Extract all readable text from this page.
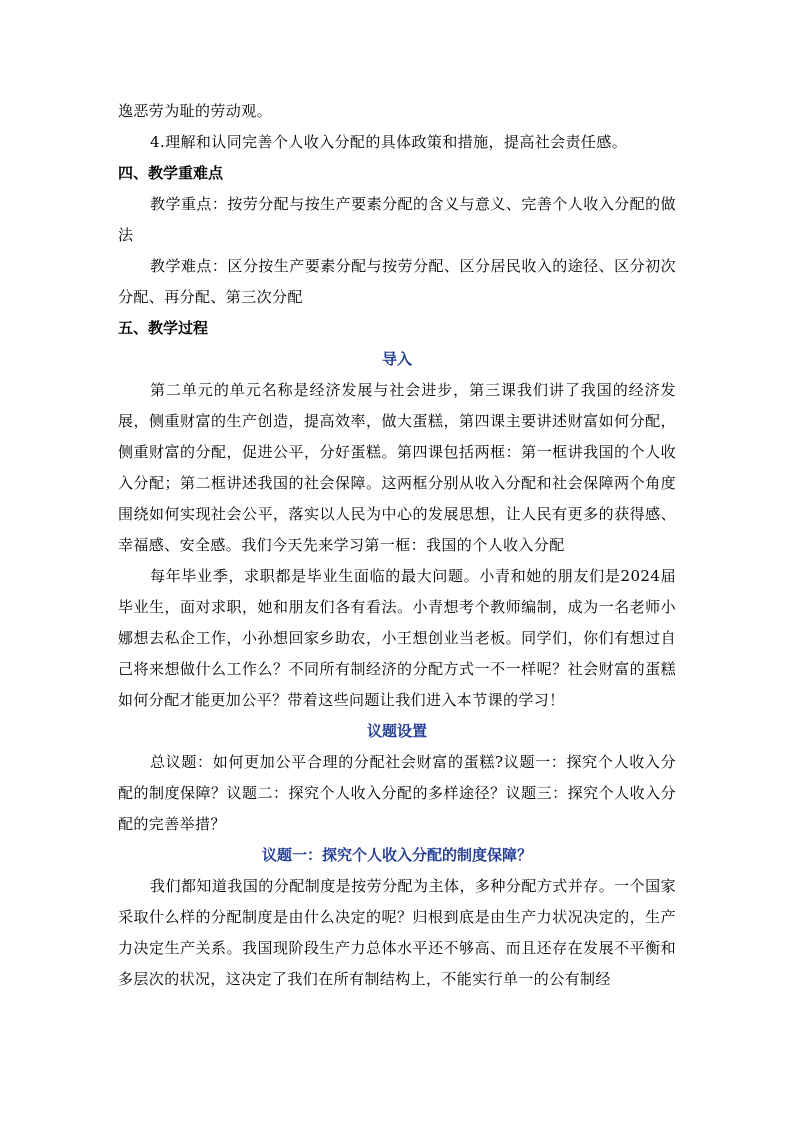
逸恶劳为耻的劳动观。

4.理解和认同完善个人收入分配的具体政策和措施，提高社会责任感。

四、教学重难点

教学重点：按劳分配与按生产要素分配的含义与意义、完善个人收入分配的做法

教学难点：区分按生产要素分配与按劳分配、区分居民收入的途径、区分初次分配、再分配、第三次分配

五、教学过程
导入

第二单元的单元名称是经济发展与社会进步，第三课我们讲了我国的经济发展，侧重财富的生产创造，提高效率，做大蛋糕，第四课主要讲述财富如何分配，侧重财富的分配，促进公平，分好蛋糕。第四课包括两框：第一框讲我国的个人收入分配；第二框讲述我国的社会保障。这两框分别从收入分配和社会保障两个角度围绕如何实现社会公平，落实以人民为中心的发展思想，让人民有更多的获得感、幸福感、安全感。我们今天先来学习第一框：我国的个人收入分配

每年毕业季，求职都是毕业生面临的最大问题。小青和她的朋友们是2024届毕业生，面对求职，她和朋友们各有看法。小青想考个教师编制，成为一名老师小娜想去私企工作，小孙想回家乡助农，小王想创业当老板。同学们，你们有想过自己将来想做什么工作么？不同所有制经济的分配方式一不一样呢？社会财富的蛋糕如何分配才能更加公平？带着这些问题让我们进入本节课的学习！

议题设置

总议题：如何更加公平合理的分配社会财富的蛋糕?议题一：探究个人收入分配的制度保障？议题二：探究个人收入分配的多样途径？议题三：探究个人收入分配的完善举措？

议题一：探究个人收入分配的制度保障？

我们都知道我国的分配制度是按劳分配为主体，多种分配方式并存。一个国家采取什么样的分配制度是由什么决定的呢？归根到底是由生产力状况决定的，生产力决定生产关系。我国现阶段生产力总体水平还不够高、而且还存在发展不平衡和多层次的状况，这决定了我们在所有制结构上，不能实行单一的公有制经
